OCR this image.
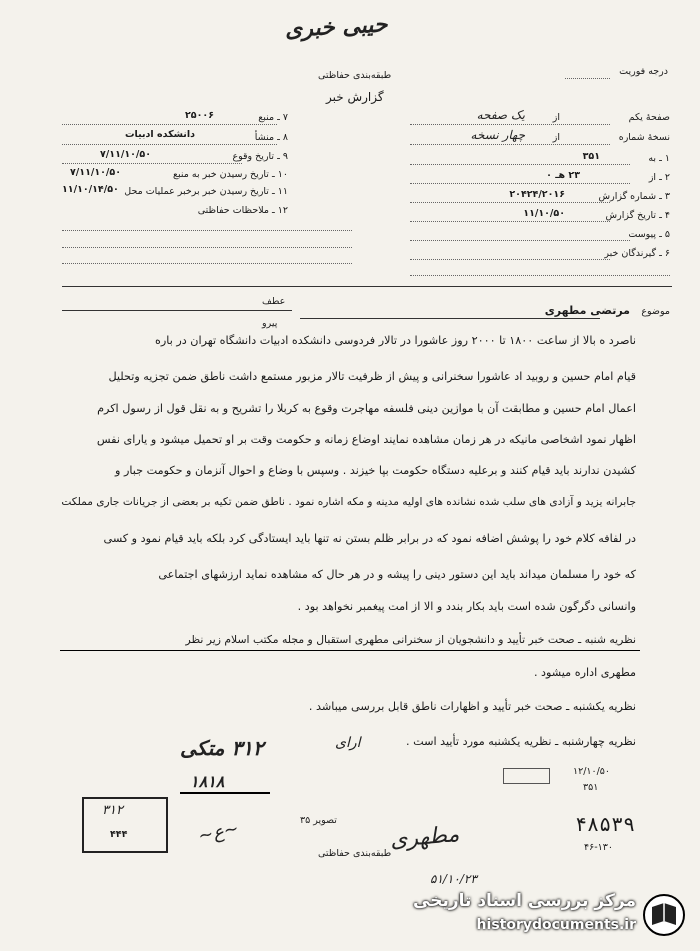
حیبی خبری
طبقه‌بندی حفاظتی
گزارش خبر
درجه فوریت
صفحهٔ یکم
از
یک صفحه
نسخهٔ شماره
از
چهار نسخه
۱ ـ به
۳۵۱
۲ ـ از
۲۳ هـ ۰
۳ ـ شماره گزارش
۲۰۴۲۴/۲۰۱۶
۴ ـ تاریخ گزارش
۱۱/۱۰/۵۰
۵ ـ پیوست
۶ ـ گیرندگان خبر
۷ ـ منبع
۲۵۰۰۶
۸ ـ منشأ
دانشکده ادبیات
۹ ـ تاریخ وقوع
۷/۱۱/۱۰/۵۰
۱۰ ـ تاریخ رسیدن خبر به منبع
۷/۱۱/۱۰/۵۰
۱۱ ـ تاریخ رسیدن خبر برخبر عملیات محل
۱۱/۱۰/۱۴/۵۰
۱۲ ـ ملاحظات حفاظتی
عطف
پیرو
موضوع
مرتضی مطهری
ناصرد ه بالا از ساعت ۱۸۰۰ تا ۲۰۰۰ روز عاشورا در تالار فردوسی دانشکده ادبیات دانشگاه تهران در باره
قیام امام حسین و روبید اد عاشورا سخنرانی و پیش از ظرفیت تالار مزبور مستمع داشت ناطق ضمن تجزیه وتحلیل
اعمال امام حسین و مطابقت آن با موازین دینی فلسفه مهاجرت وقوع به کربلا را تشریح و به نقل قول از رسول اکرم
اظهار نمود اشخاصی مانیکه در هر زمان مشاهده نمایند اوضاع زمانه و حکومت وقت بر او تحمیل میشود و یارای نفس
کشیدن ندارند باید قیام کنند و برعلیه دستگاه حکومت بپا خیزند . وسپس با وضاع و احوال آنزمان و حکومت جبار و
جابرانه یزید و آزادی های سلب شده نشانده های اولیه مدینه و مکه اشاره نمود . ناطق ضمن تکیه بر بعضی از جریانات جاری مملکت
در لفافه کلام خود را پوشش اضافه نمود که در برابر ظلم بستن نه تنها باید ایستادگی کرد بلکه باید قیام نمود و کسی
که خود را مسلمان میداند باید این دستور دینی را پیشه و در هر حال که مشاهده نماید ارزشهای اجتماعی
وانسانی دگرگون شده است باید بکار بندد و الا از امت پیغمبر نخواهد بود .
نظریه شنبه ـ صحت خبر تأیید و دانشجویان از سخنرانی مطهری استقبال و مجله مکتب اسلام زیر نظر
مطهری اداره میشود .
نظریه یکشنبه ـ صحت خبر تأیید و اظهارات ناطق قابل بررسی میباشد .
نظریه چهارشنبه ـ نظریه یکشنبه مورد تأیید است .
۳۱۲ متکی
۱۸۱۸
ارای
۱۲/۱۰/۵۰
۳۵۱
۳۱۲
۴۴۴	~ع~	۴۸۵۳۹
۴۶-۱۳۰
مطهری
طبقه‌بندی حفاظتی
۵۱/۱۰/۲۳
تصویر ۳۵
مرکز بررسی اسناد تاریخی
historydocuments.ir
